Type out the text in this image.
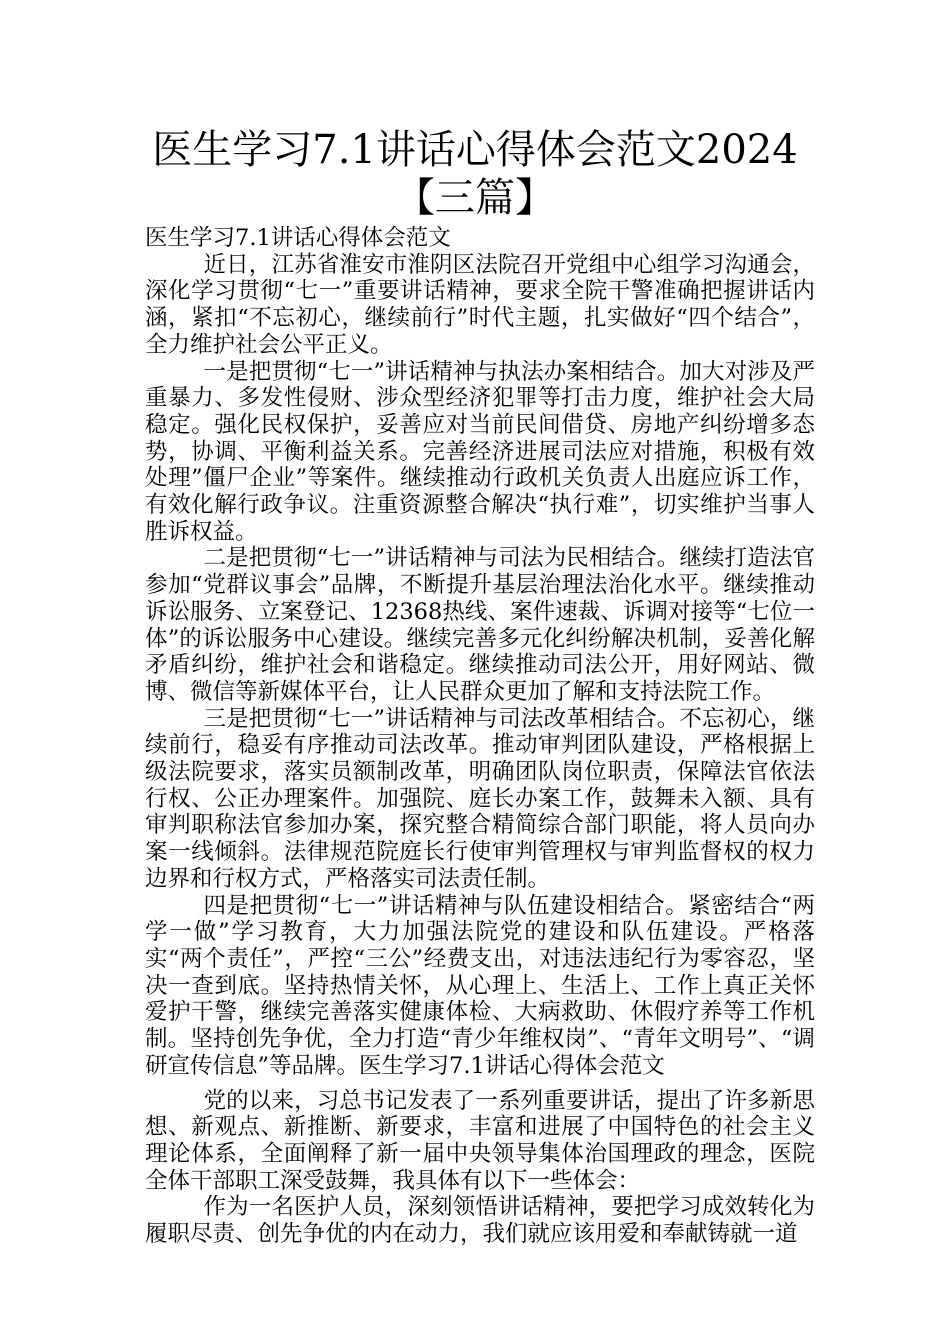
医生学习7.1讲话心得体会范文2024【三篇】

医生学习7.1讲话心得体会范文

近日，江苏省淮安市淮阴区法院召开党组中心组学习沟通会，深化学习贯彻“七一”重要讲话精神，要求全院干警准确把握讲话内涵，紧扣“不忘初心，继续前行”时代主题，扎实做好“四个结合”，全力维护社会公平正义。

一是把贯彻“七一”讲话精神与执法办案相结合。加大对涉及严重暴力、多发性侵财、涉众型经济犯罪等打击力度，维护社会大局稳定。强化民权保护，妥善应对当前民间借贷、房地产纠纷增多态势，协调、平衡利益关系。完善经济进展司法应对措施，积极有效处理”僵尸企业”等案件。继续推动行政机关负责人出庭应诉工作，有效化解行政争议。注重资源整合解决“执行难”，切实维护当事人胜诉权益。

二是把贯彻“七一”讲话精神与司法为民相结合。继续打造法官参加“党群议事会”品牌，不断提升基层治理法治化水平。继续推动诉讼服务、立案登记、12368热线、案件速裁、诉调对接等“七位一体”的诉讼服务中心建设。继续完善多元化纠纷解决机制，妥善化解矛盾纠纷，维护社会和谐稳定。继续推动司法公开，用好网站、微博、微信等新媒体平台，让人民群众更加了解和支持法院工作。

三是把贯彻“七一”讲话精神与司法改革相结合。不忘初心，继续前行，稳妥有序推动司法改革。推动审判团队建设，严格根据上级法院要求，落实员额制改革，明确团队岗位职责，保障法官依法行权、公正办理案件。加强院、庭长办案工作，鼓舞未入额、具有审判职称法官参加办案，探究整合精简综合部门职能，将人员向办案一线倾斜。法律规范院庭长行使审判管理权与审判监督权的权力边界和行权方式，严格落实司法责任制。

四是把贯彻“七一”讲话精神与队伍建设相结合。紧密结合“两学一做”学习教育，大力加强法院党的建设和队伍建设。严格落实“两个责任”，严控“三公”经费支出，对违法违纪行为零容忍，坚决一查到底。坚持热情关怀，从心理上、生活上、工作上真正关怀爱护干警，继续完善落实健康体检、大病救助、休假疗养等工作机制。坚持创先争优，全力打造“青少年维权岗”、“青年文明号”、“调研宣传信息”等品牌。医生学习7.1讲话心得体会范文

党的以来，习总书记发表了一系列重要讲话，提出了许多新思想、新观点、新推断、新要求，丰富和进展了中国特色的社会主义理论体系，全面阐释了新一届中央领导集体治国理政的理念，医院全体干部职工深受鼓舞，我具体有以下一些体会：

作为一名医护人员，深刻领悟讲话精神，要把学习成效转化为履职尽责、创先争优的内在动力，我们就应该用爱和奉献铸就一道
